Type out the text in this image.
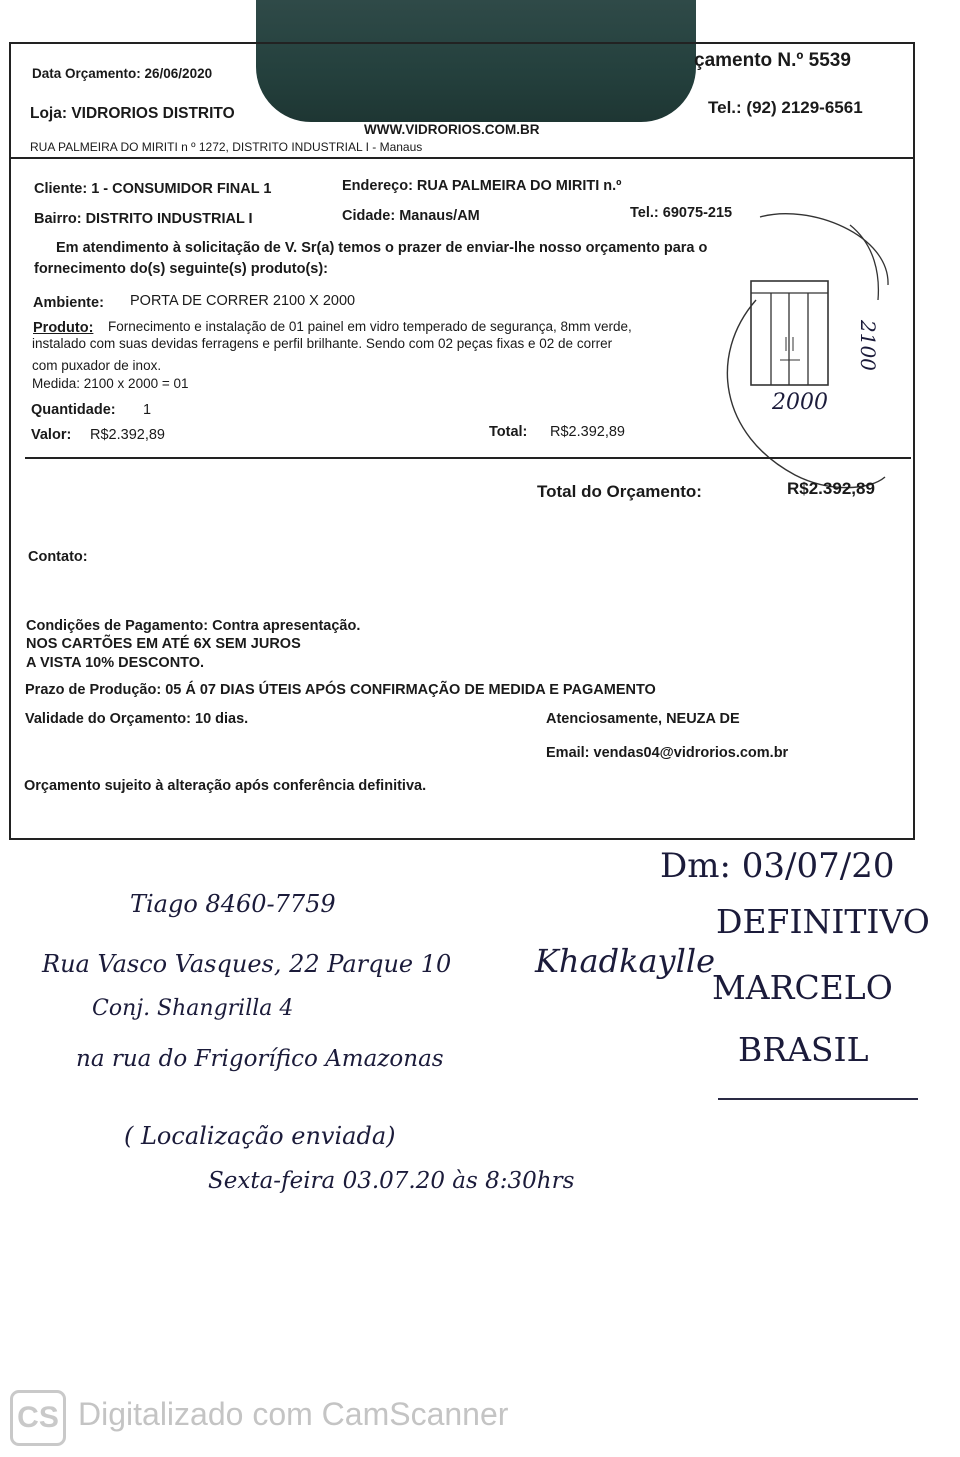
Data Orçamento: 26/06/2020
çamento N.º 5539
Loja: VIDRORIOS DISTRITO	Tel.: (92) 2129-6561
WWW.VIDRORIOS.COM.BR
RUA PALMEIRA DO MIRITI n º 1272, DISTRITO INDUSTRIAL I - Manaus
Cliente: 1 - CONSUMIDOR FINAL 1	Endereço: RUA PALMEIRA DO MIRITI n.º
Bairro: DISTRITO INDUSTRIAL I	Cidade: Manaus/AM	Tel.: 69075-215
Em atendimento à solicitação de V. Sr(a) temos o prazer de enviar-lhe nosso orçamento para o
fornecimento do(s) seguinte(s) produto(s):
Ambiente: PORTA DE CORRER 2100 X 2000
Produto: Fornecimento e instalação de 01 painel em vidro temperado de segurança, 8mm verde,
instalado com suas devidas ferragens e perfil brilhante. Sendo com 02 peças fixas e 02 de correr
com puxador de inox.
Medida: 2100 x 2000 = 01
Quantidade: 1
Valor: R$2.392,89	Total: R$2.392,89
2100
2000
Total do Orçamento:	R$2.392,89
Contato:
Condições de Pagamento: Contra apresentação.
NOS CARTÕES EM ATÉ 6X SEM JUROS
A VISTA 10% DESCONTO.
Prazo de Produção: 05 Á 07 DIAS ÚTEIS APÓS CONFIRMAÇÃO DE MEDIDA E PAGAMENTO
Validade do Orçamento: 10 dias.	Atenciosamente, NEUZA DE
Email: vendas04@vidrorios.com.br
Orçamento sujeito à alteração após conferência definitiva.
Dm: 03/07/20
DEFINITIVO
MARCELO
BRASIL
Khadkaylle
Tiago 8460-7759
Rua Vasco Vasques, 22 Parque 10
Conj. Shangrilla 4
na rua do Frigorífico Amazonas
( Localização enviada)
Sexta-feira 03.07.20 às 8:30hrs
CS Digitalizado com CamScanner
